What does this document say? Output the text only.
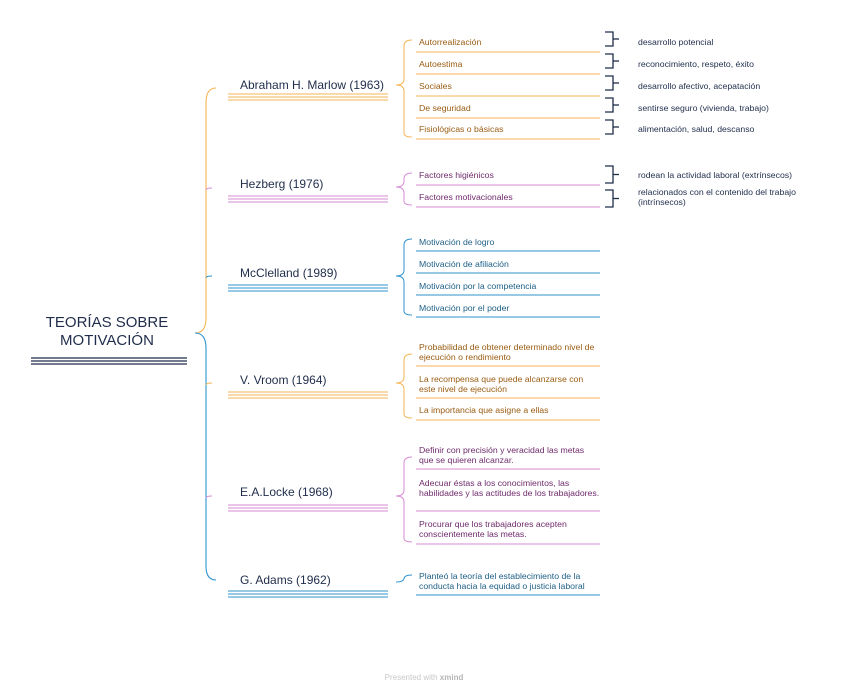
Abraham H. Marlow (1963)
Autorrealización
Autoestima
Sociales
De seguridad
Fisiológicas o básicas
Hezberg (1976)
Factores higiénicos
Factores motivacionales
McClelland (1989)
Motivación de logro
Motivación de afiliación
Motivación por la competencia
Motivación por el poder
V. Vroom (1964)
Probabilidad de obtener determinado nivel de ejecución o rendimiento
La recompensa que puede alcanzarse con este nivel de ejecución
La importancia que asigne a ellas
E.A.Locke (1968)
Definir con precisión y veracidad las metas que se quieren alcanzar.
Adecuar éstas a los conocimientos, las habilidades y las actitudes de los trabajadores.
Procurar que los trabajadores acepten conscientemente las metas.
G. Adams (1962)	Planteó la teoría del establecimiento de la conducta hacia la equidad o justicia laboral
desarrollo potencial
reconocimiento, respeto, éxito
desarrollo afectivo, acepatación
sentirse seguro (vivienda, trabajo)
alimentación, salud, descanso
rodean la actividad laboral (extrínsecos)
relacionados con el contenido del trabajo (intrínsecos)
TEORÍAS SOBRE
MOTIVACIÓN
Presented with xmind
